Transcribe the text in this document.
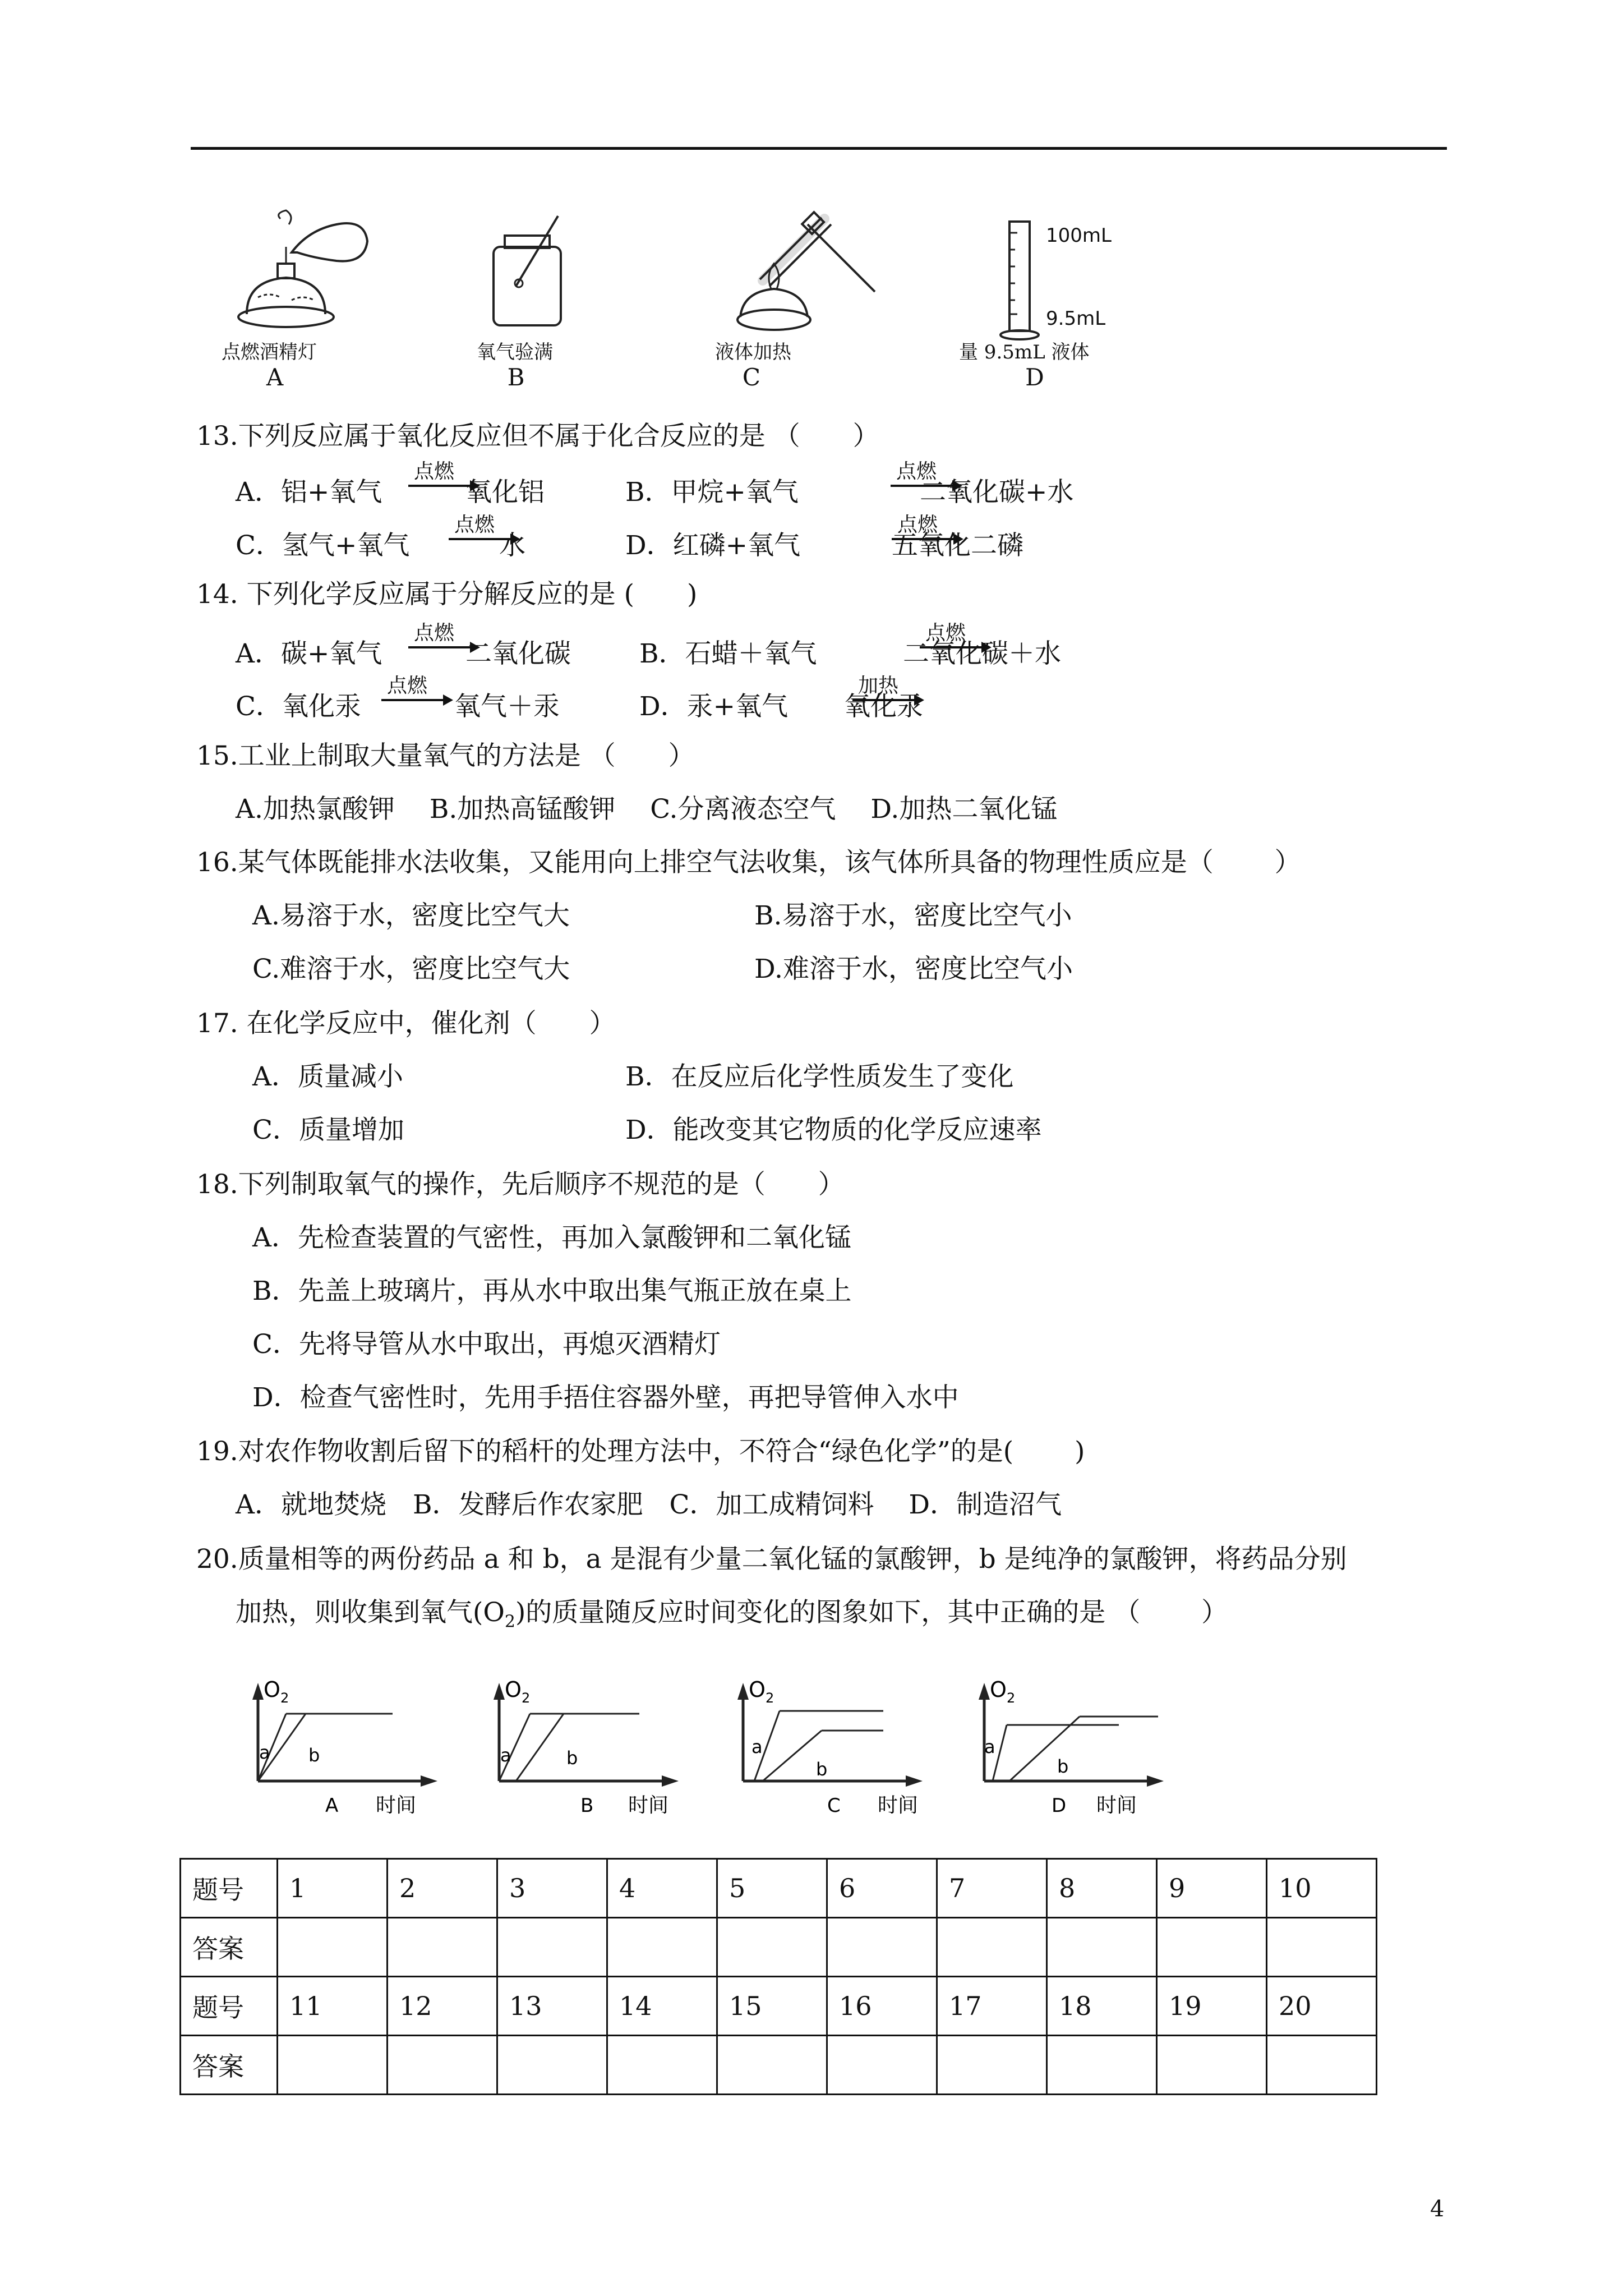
点燃酒精灯
A
氧气验满
B
液体加热
C
100mL
9.5mL
量 9.5mL 液体
D
13.下列反应属于氧化反应但不属于化合反应的是 （　　）
A．铝+氧气
点燃
氧化铝	B．甲烷+氧气
点燃
二氧化碳+水
C．氢气+氧气
点燃
水	D．红磷+氧气
点燃
五氧化二磷
14. 下列化学反应属于分解反应的是 (　　)
A．碳+氧气
点燃
二氧化碳	B．石蜡＋氧气
点燃
二氧化碳＋水
C．氧化汞
点燃
氧气＋汞	D．汞+氧气
加热
氧化汞
15.工业上制取大量氧气的方法是 （　　）
A.加热氯酸钾　 B.加热高锰酸钾　 C.分离液态空气　 D.加热二氧化锰
16.某气体既能排水法收集，又能用向上排空气法收集，该气体所具备的物理性质应是（　　 ）
A.易溶于水，密度比空气大	B.易溶于水，密度比空气小
C.难溶于水，密度比空气大	D.难溶于水，密度比空气小
17. 在化学反应中，催化剂（　　）
A．质量减小	B．在反应后化学性质发生了变化
C．质量增加	D．能改变其它物质的化学反应速率
18.下列制取氧气的操作，先后顺序不规范的是（　　）
A．先检查装置的气密性，再加入氯酸钾和二氧化锰
B．先盖上玻璃片，再从水中取出集气瓶正放在桌上
C．先将导管从水中取出，再熄灭酒精灯
D．检查气密性时，先用手捂住容器外壁，再把导管伸入水中
19.对农作物收割后留下的稻杆的处理方法中，不符合“绿色化学”的是(　　 )
A．就地焚烧　B．发酵后作农家肥　C．加工成精饲料　 D．制造沼气
20.质量相等的两份药品 a 和 b，a 是混有少量二氧化锰的氯酸钾，b 是纯净的氯酸钾，将药品分别
加热，则收集到氧气$(O_2)$的质量随反应时间变化的图象如下，其中正确的是 （　　 ）
O 2
a b
A 时间
O 2
a	b
B 时间
O 2
a
b
C 时间
O 2
a
b
D 时间
题号	1	2	3	4	5	6	7	8	9	10
答案										
题号	11	12	13	14	15	16	17	18	19	20
答案										
4
